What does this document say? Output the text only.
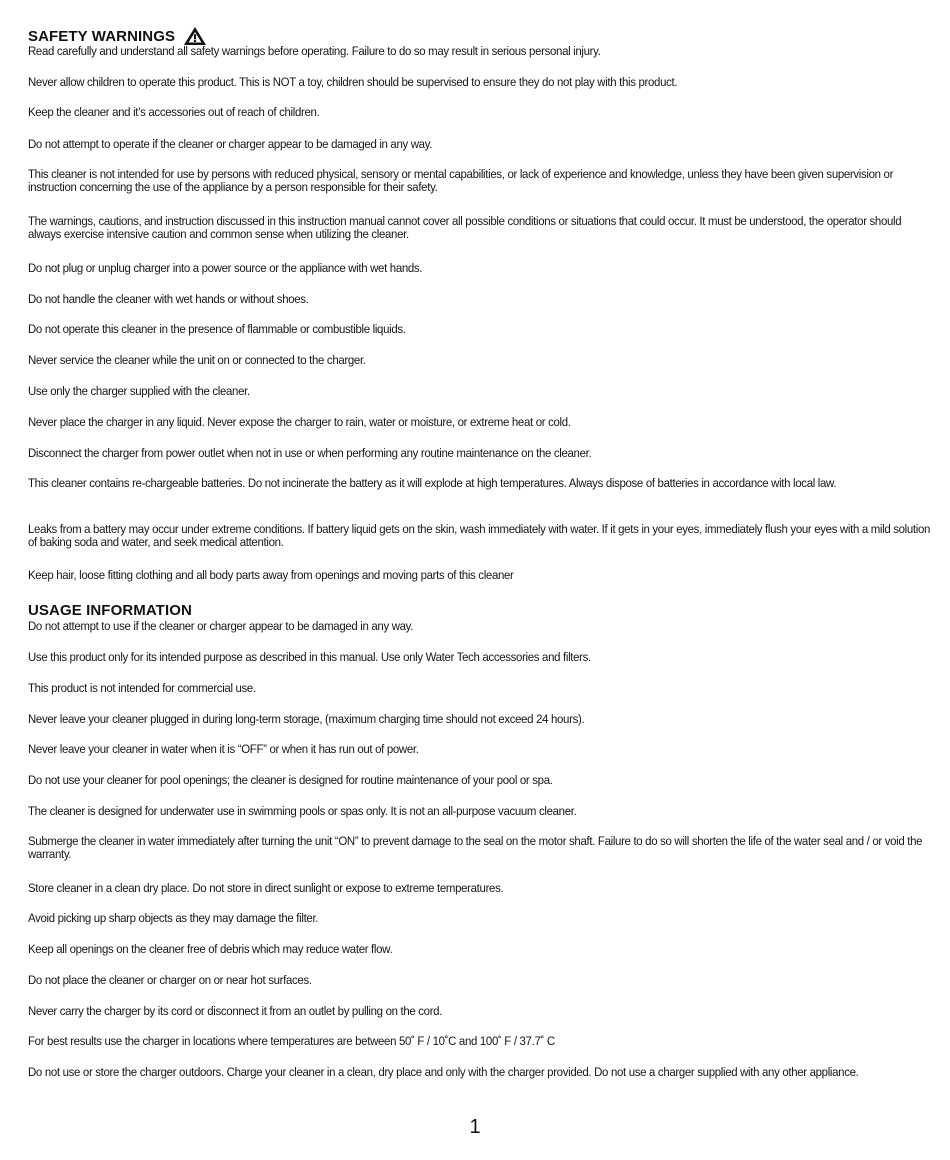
SAFETY WARNINGS

Read carefully and understand all safety warnings before operating. Failure to do so may result in serious personal injury.

Never allow children to operate this product. This is NOT a toy, children should be supervised to ensure they do not play with this product.

Keep the cleaner and it’s accessories out of reach of children.

Do not attempt to operate if the cleaner or charger appear to be damaged in any way.

This cleaner is not intended for use by persons with reduced physical, sensory or mental capabilities, or lack of experience and knowledge, unless they have been given supervision or instruction concerning the use of the appliance by a person responsible for their safety.

The warnings, cautions, and instruction discussed in this instruction manual cannot cover all possible conditions or situations that could occur. It must be understood, the operator should always exercise intensive caution and common sense when utilizing the cleaner.

Do not plug or unplug charger into a power source or the appliance with wet hands.

Do not handle the cleaner with wet hands or without shoes.

Do not operate this cleaner in the presence of flammable or combustible liquids.

Never service the cleaner while the unit on or connected to the charger.

Use only the charger supplied with the cleaner.

Never place the charger in any liquid. Never expose the charger to rain, water or moisture, or extreme heat or cold.

Disconnect the charger from power outlet when not in use or when performing any routine maintenance on the cleaner.

This cleaner contains re-chargeable batteries. Do not incinerate the battery as it will explode at high temperatures. Always dispose of batteries in accordance with local law.

Leaks from a battery may occur under extreme conditions. If battery liquid gets on the skin, wash immediately with water. If it gets in your eyes, immediately flush your eyes with a mild solution of baking soda and water, and seek medical attention.

Keep hair, loose fitting clothing and all body parts away from openings and moving parts of this cleaner

USAGE INFORMATION

Do not attempt to use if the cleaner or charger appear to be damaged in any way.

Use this product only for its intended purpose as described in this manual. Use only Water Tech accessories and filters.

This product is not intended for commercial use.

Never leave your cleaner plugged in during long-term storage, (maximum charging time should not exceed 24 hours).

Never leave your cleaner in water when it is “OFF” or when it has run out of power.

Do not use your cleaner for pool openings; the cleaner is designed for routine maintenance of your pool or spa.

The cleaner is designed for underwater use in swimming pools or spas only. It is not an all-purpose vacuum cleaner.

Submerge the cleaner in water immediately after turning the unit “ON” to prevent damage to the seal on the motor shaft. Failure to do so will shorten the life of the water seal and / or void the warranty.

Store cleaner in a clean dry place. Do not store in direct sunlight or expose to extreme temperatures.

Avoid picking up sharp objects as they may damage the filter.

Keep all openings on the cleaner free of debris which may reduce water flow.

Do not place the cleaner or charger on or near hot surfaces.

Never carry the charger by its cord or disconnect it from an outlet by pulling on the cord.

For best results use the charger in locations where temperatures are between 50˚ F / 10˚C and 100˚ F / 37.7˚ C

Do not use or store the charger outdoors. Charge your cleaner in a clean, dry place and only with the charger provided. Do not use a charger supplied with any other appliance.

1
